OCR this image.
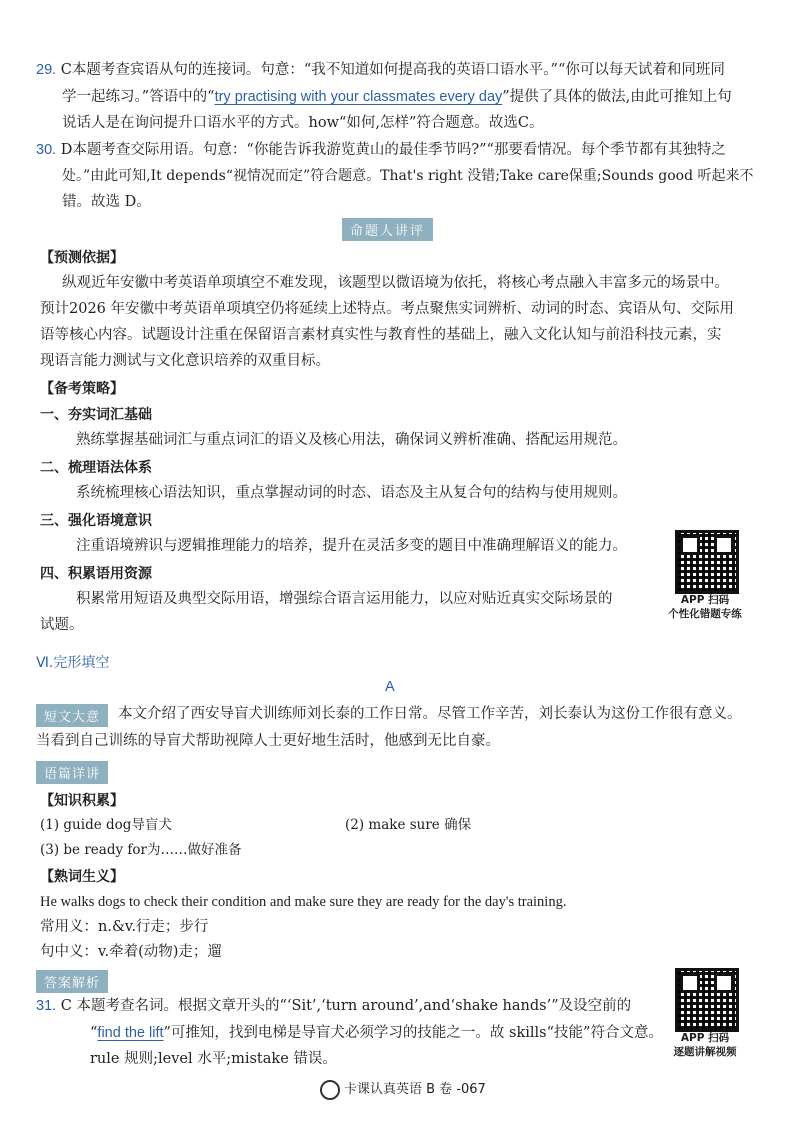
29. C本题考查宾语从句的连接词。句意：“我不知道如何提高我的英语口语水平。”“你可以每天试着和同班同
学一起练习。”答语中的“try practising with your classmates every day”提供了具体的做法,由此可推知上句
说话人是在询问提升口语水平的方式。how“如何,怎样”符合题意。故选C。
30. D本题考查交际用语。句意：“你能告诉我游览黄山的最佳季节吗?”“那要看情况。每个季节都有其独特之
处。”由此可知,It depends“视情况而定”符合题意。That's right 没错;Take care保重;Sounds good 听起来不
错。故选 D。
命题人讲评
【预测依据】
纵观近年安徽中考英语单项填空不难发现，该题型以微语境为依托，将核心考点融入丰富多元的场景中。
预计2026 年安徽中考英语单项填空仍将延续上述特点。考点聚焦实词辨析、动词的时态、宾语从句、交际用
语等核心内容。试题设计注重在保留语言素材真实性与教育性的基础上，融入文化认知与前沿科技元素，实
现语言能力测试与文化意识培养的双重目标。
【备考策略】
一、夯实词汇基础
熟练掌握基础词汇与重点词汇的语义及核心用法，确保词义辨析准确、搭配运用规范。
二、梳理语法体系
系统梳理核心语法知识，重点掌握动词的时态、语态及主从复合句的结构与使用规则。
三、强化语境意识
注重语境辨识与逻辑推理能力的培养，提升在灵活多变的题目中准确理解语义的能力。
四、积累语用资源
积累常用短语及典型交际用语，增强综合语言运用能力，以应对贴近真实交际场景的
试题。
APP 扫码
个性化错题专练
Ⅵ.完形填空
A
短文大意	本文介绍了西安导盲犬训练师刘长泰的工作日常。尽管工作辛苦，刘长泰认为这份工作很有意义。
当看到自己训练的导盲犬帮助视障人士更好地生活时，他感到无比自豪。
语篇详讲
【知识积累】
(1) guide dog导盲犬	(2) make sure 确保
(3) be ready for为……做好准备
【熟词生义】
He walks dogs to check their condition and make sure they are ready for the day's training.
常用义：n.&v.行走；步行
句中义：v.牵着(动物)走；遛
答案解析
31. C 本题考查名词。根据文章开头的“‘Sit’,‘turn around’,and‘shake hands’”及设空前的
“find the lift”可推知，找到电梯是导盲犬必须学习的技能之一。故 skills“技能”符合文意。
rule 规则;level 水平;mistake 错误。
APP 扫码
逐题讲解视频
卡课认真英语 B 卷 -067
